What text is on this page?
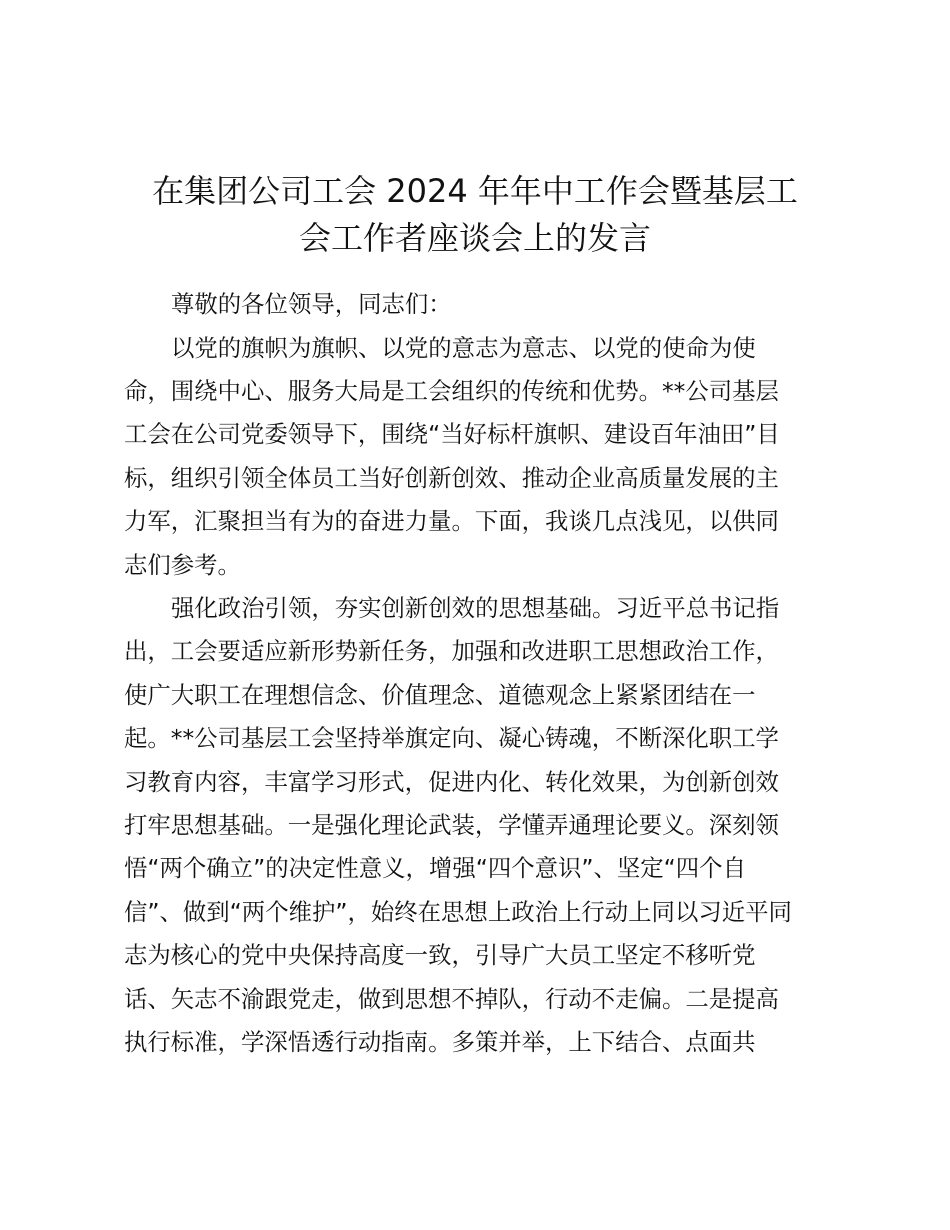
在集团公司工会 2024 年年中工作会暨基层工
会工作者座谈会上的发言
尊敬的各位领导，同志们：
以党的旗帜为旗帜、以党的意志为意志、以党的使命为使
命，围绕中心、服务大局是工会组织的传统和优势。**公司基层
工会在公司党委领导下，围绕“当好标杆旗帜、建设百年油田”目
标，组织引领全体员工当好创新创效、推动企业高质量发展的主
力军，汇聚担当有为的奋进力量。下面，我谈几点浅见，以供同
志们参考。
强化政治引领，夯实创新创效的思想基础。习近平总书记指
出，工会要适应新形势新任务，加强和改进职工思想政治工作，
使广大职工在理想信念、价值理念、道德观念上紧紧团结在一
起。**公司基层工会坚持举旗定向、凝心铸魂，不断深化职工学
习教育内容，丰富学习形式，促进内化、转化效果，为创新创效
打牢思想基础。一是强化理论武装，学懂弄通理论要义。深刻领
悟“两个确立”的决定性意义，增强“四个意识”、坚定“四个自
信”、做到“两个维护”，始终在思想上政治上行动上同以习近平同
志为核心的党中央保持高度一致，引导广大员工坚定不移听党
话、矢志不渝跟党走，做到思想不掉队，行动不走偏。二是提高
执行标准，学深悟透行动指南。多策并举，上下结合、点面共
